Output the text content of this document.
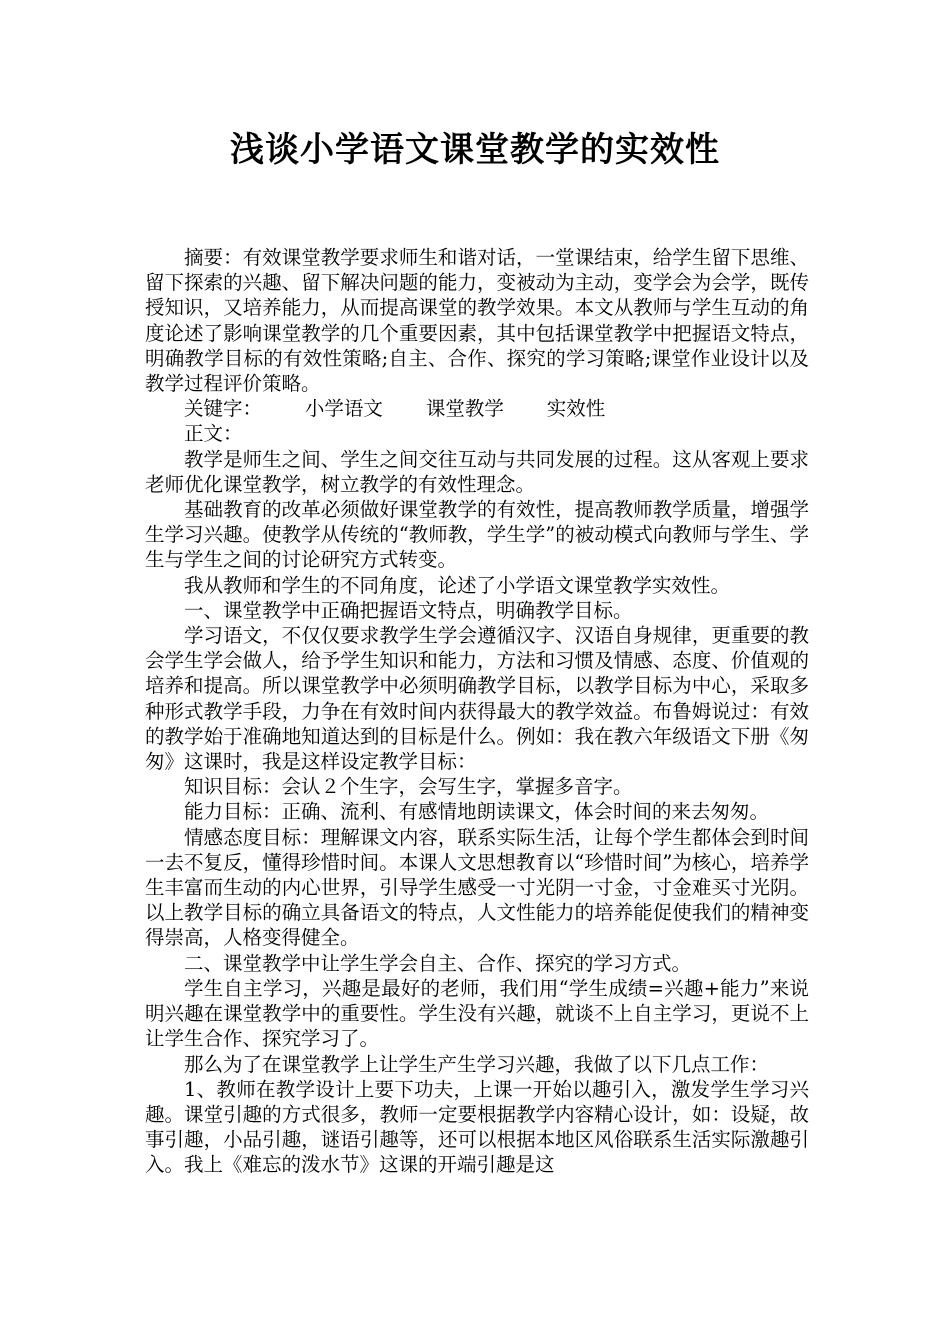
浅谈小学语文课堂教学的实效性

摘要：有效课堂教学要求师生和谐对话，一堂课结束，给学生留下思维、留下探索的兴趣、留下解决问题的能力，变被动为主动，变学会为会学，既传授知识，又培养能力，从而提高课堂的教学效果。本文从教师与学生互动的角度论述了影响课堂教学的几个重要因素，其中包括课堂教学中把握语文特点，明确教学目标的有效性策略;自主、合作、探究的学习策略;课堂作业设计以及教学过程评价策略。

关键字： 小学语文 课堂教学 实效性

正文：

教学是师生之间、学生之间交往互动与共同发展的过程。这从客观上要求老师优化课堂教学，树立教学的有效性理念。

基础教育的改革必须做好课堂教学的有效性，提高教师教学质量，增强学生学习兴趣。使教学从传统的“教师教，学生学”的被动模式向教师与学生、学生与学生之间的讨论研究方式转变。

我从教师和学生的不同角度，论述了小学语文课堂教学实效性。

一、课堂教学中正确把握语文特点，明确教学目标。

学习语文，不仅仅要求教学生学会遵循汉字、汉语自身规律，更重要的教会学生学会做人，给予学生知识和能力，方法和习惯及情感、态度、价值观的培养和提高。所以课堂教学中必须明确教学目标，以教学目标为中心，采取多种形式教学手段，力争在有效时间内获得最大的教学效益。布鲁姆说过：有效的教学始于准确地知道达到的目标是什么。例如：我在教六年级语文下册《匆匆》这课时，我是这样设定教学目标：

知识目标：会认２个生字，会写生字，掌握多音字。

能力目标：正确、流利、有感情地朗读课文，体会时间的来去匆匆。

情感态度目标：理解课文内容，联系实际生活，让每个学生都体会到时间一去不复反，懂得珍惜时间。本课人文思想教育以“珍惜时间”为核心，培养学生丰富而生动的内心世界，引导学生感受一寸光阴一寸金，寸金难买寸光阴。以上教学目标的确立具备语文的特点，人文性能力的培养能促使我们的精神变得崇高，人格变得健全。

二、课堂教学中让学生学会自主、合作、探究的学习方式。

学生自主学习，兴趣是最好的老师，我们用“学生成绩=兴趣+能力”来说明兴趣在课堂教学中的重要性。学生没有兴趣，就谈不上自主学习，更说不上让学生合作、探究学习了。

那么为了在课堂教学上让学生产生学习兴趣，我做了以下几点工作：

1、教师在教学设计上要下功夫，上课一开始以趣引入，激发学生学习兴趣。课堂引趣的方式很多，教师一定要根据教学内容精心设计，如：设疑，故事引趣，小品引趣，谜语引趣等，还可以根据本地区风俗联系生活实际激趣引入。我上《难忘的泼水节》这课的开端引趣是这
